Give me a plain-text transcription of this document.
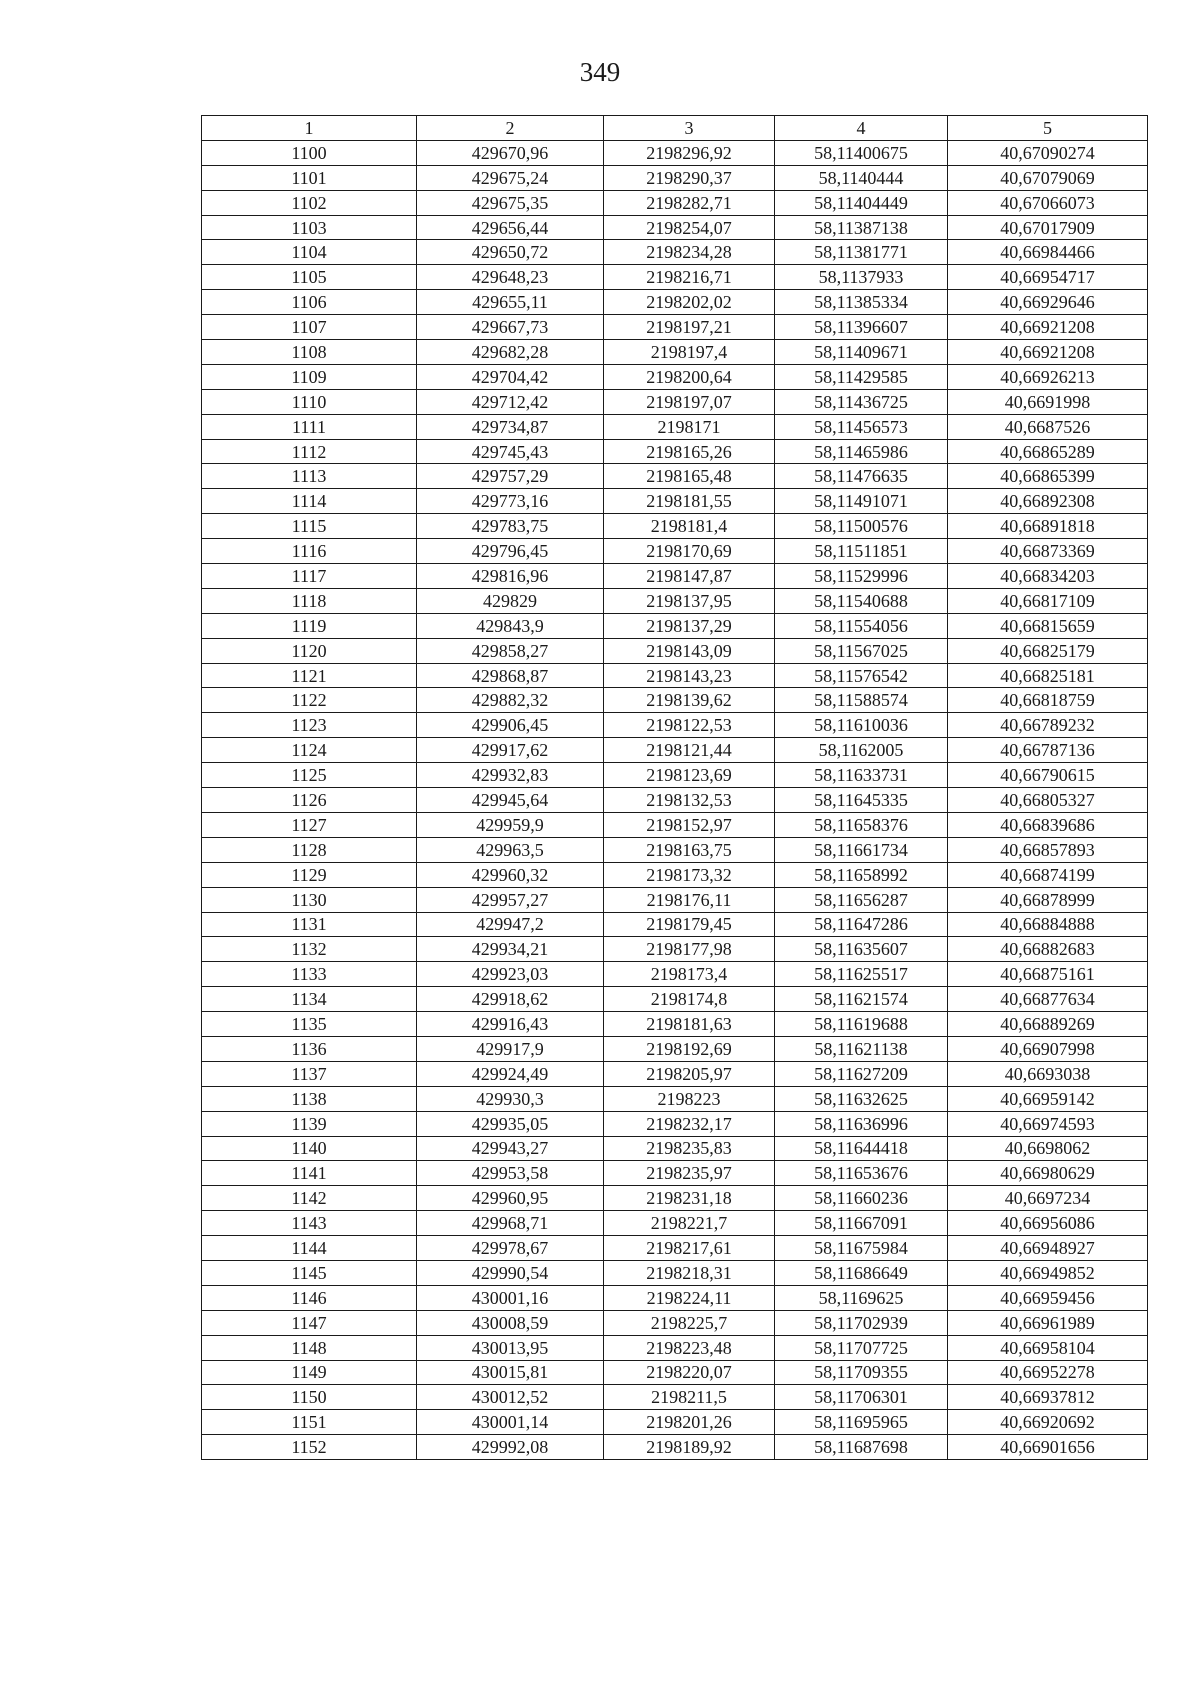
349
1	2	3	4	5
1100	429670,96	2198296,92	58,11400675	40,67090274
1101	429675,24	2198290,37	58,1140444	40,67079069
1102	429675,35	2198282,71	58,11404449	40,67066073
1103	429656,44	2198254,07	58,11387138	40,67017909
1104	429650,72	2198234,28	58,11381771	40,66984466
1105	429648,23	2198216,71	58,1137933	40,66954717
1106	429655,11	2198202,02	58,11385334	40,66929646
1107	429667,73	2198197,21	58,11396607	40,66921208
1108	429682,28	2198197,4	58,11409671	40,66921208
1109	429704,42	2198200,64	58,11429585	40,66926213
1110	429712,42	2198197,07	58,11436725	40,6691998
1111	429734,87	2198171	58,11456573	40,6687526
1112	429745,43	2198165,26	58,11465986	40,66865289
1113	429757,29	2198165,48	58,11476635	40,66865399
1114	429773,16	2198181,55	58,11491071	40,66892308
1115	429783,75	2198181,4	58,11500576	40,66891818
1116	429796,45	2198170,69	58,11511851	40,66873369
1117	429816,96	2198147,87	58,11529996	40,66834203
1118	429829	2198137,95	58,11540688	40,66817109
1119	429843,9	2198137,29	58,11554056	40,66815659
1120	429858,27	2198143,09	58,11567025	40,66825179
1121	429868,87	2198143,23	58,11576542	40,66825181
1122	429882,32	2198139,62	58,11588574	40,66818759
1123	429906,45	2198122,53	58,11610036	40,66789232
1124	429917,62	2198121,44	58,1162005	40,66787136
1125	429932,83	2198123,69	58,11633731	40,66790615
1126	429945,64	2198132,53	58,11645335	40,66805327
1127	429959,9	2198152,97	58,11658376	40,66839686
1128	429963,5	2198163,75	58,11661734	40,66857893
1129	429960,32	2198173,32	58,11658992	40,66874199
1130	429957,27	2198176,11	58,11656287	40,66878999
1131	429947,2	2198179,45	58,11647286	40,66884888
1132	429934,21	2198177,98	58,11635607	40,66882683
1133	429923,03	2198173,4	58,11625517	40,66875161
1134	429918,62	2198174,8	58,11621574	40,66877634
1135	429916,43	2198181,63	58,11619688	40,66889269
1136	429917,9	2198192,69	58,11621138	40,66907998
1137	429924,49	2198205,97	58,11627209	40,6693038
1138	429930,3	2198223	58,11632625	40,66959142
1139	429935,05	2198232,17	58,11636996	40,66974593
1140	429943,27	2198235,83	58,11644418	40,6698062
1141	429953,58	2198235,97	58,11653676	40,66980629
1142	429960,95	2198231,18	58,11660236	40,6697234
1143	429968,71	2198221,7	58,11667091	40,66956086
1144	429978,67	2198217,61	58,11675984	40,66948927
1145	429990,54	2198218,31	58,11686649	40,66949852
1146	430001,16	2198224,11	58,1169625	40,66959456
1147	430008,59	2198225,7	58,11702939	40,66961989
1148	430013,95	2198223,48	58,11707725	40,66958104
1149	430015,81	2198220,07	58,11709355	40,66952278
1150	430012,52	2198211,5	58,11706301	40,66937812
1151	430001,14	2198201,26	58,11695965	40,66920692
1152	429992,08	2198189,92	58,11687698	40,66901656
